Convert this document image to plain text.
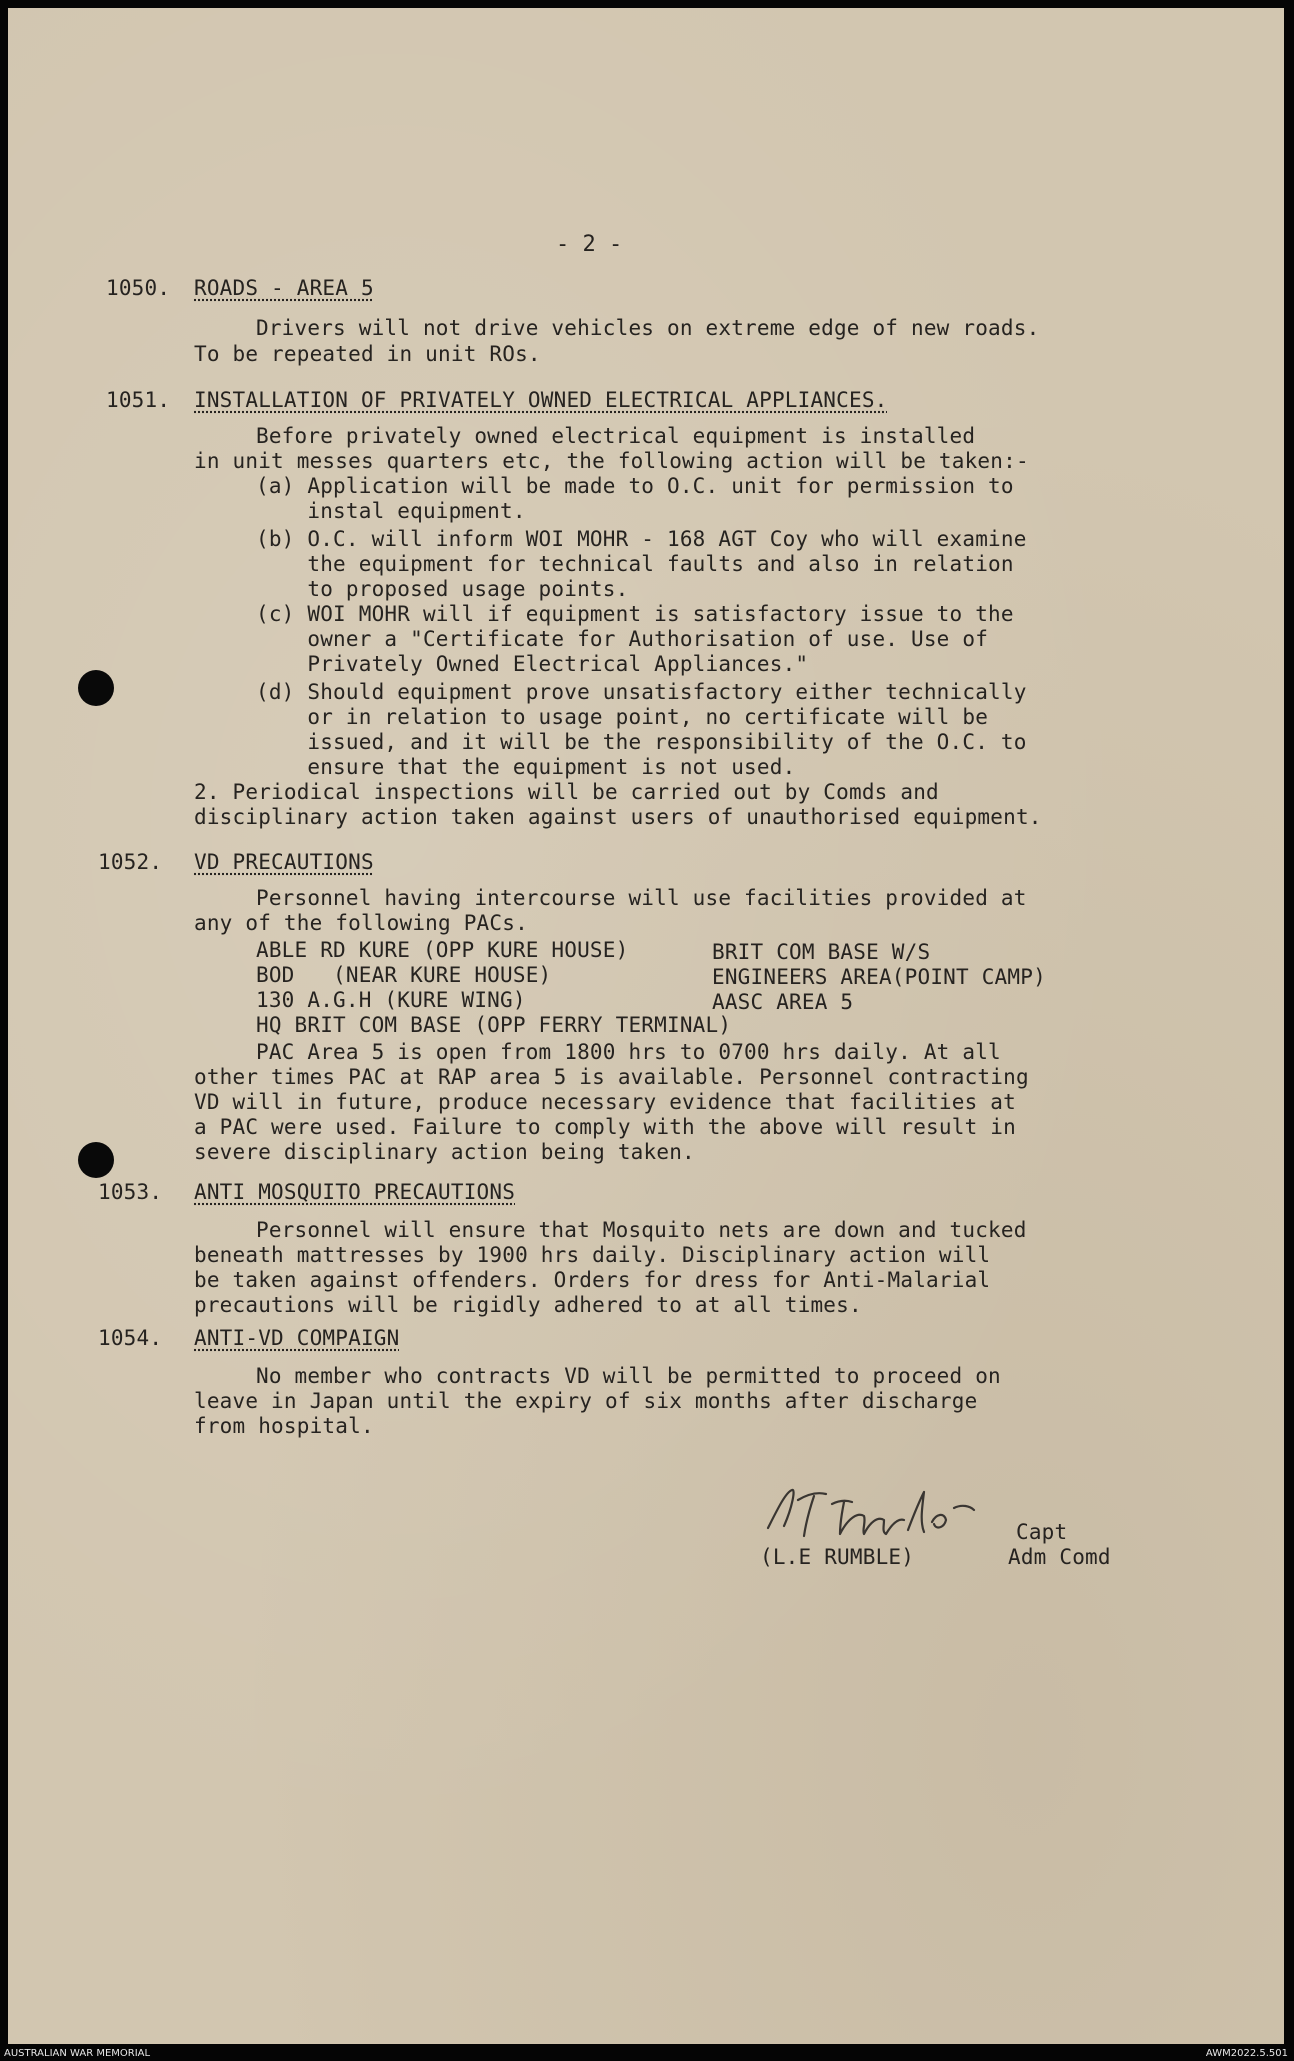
- 2 -
1050. ROADS - AREA 5
Drivers will not drive vehicles on extreme edge of new roads.
To be repeated in unit ROs.
1051. INSTALLATION OF PRIVATELY OWNED ELECTRICAL APPLIANCES.
Before privately owned electrical equipment is installed
in unit messes quarters etc, the following action will be taken:-
(a) Application will be made to O.C. unit for permission to
instal equipment.
(b) O.C. will inform WOI MOHR - 168 AGT Coy who will examine
the equipment for technical faults and also in relation
to proposed usage points.
(c) WOI MOHR will if equipment is satisfactory issue to the
owner a "Certificate for Authorisation of use. Use of
Privately Owned Electrical Appliances."
(d) Should equipment prove unsatisfactory either technically
or in relation to usage point, no certificate will be
issued, and it will be the responsibility of the O.C. to
ensure that the equipment is not used.
2. Periodical inspections will be carried out by Comds and
disciplinary action taken against users of unauthorised equipment.
1052. VD PRECAUTIONS
Personnel having intercourse will use facilities provided at
any of the following PACs.
ABLE RD KURE (OPP KURE HOUSE)
BOD   (NEAR KURE HOUSE)
130 A.G.H (KURE WING)
HQ BRIT COM BASE (OPP FERRY TERMINAL)
BRIT COM BASE W/S
ENGINEERS AREA(POINT CAMP)
AASC AREA 5
PAC Area 5 is open from 1800 hrs to 0700 hrs daily. At all
other times PAC at RAP area 5 is available. Personnel contracting
VD will in future, produce necessary evidence that facilities at
a PAC were used. Failure to comply with the above will result in
severe disciplinary action being taken.
1053. ANTI MOSQUITO PRECAUTIONS
Personnel will ensure that Mosquito nets are down and tucked
beneath mattresses by 1900 hrs daily. Disciplinary action will
be taken against offenders. Orders for dress for Anti-Malarial
precautions will be rigidly adhered to at all times.
1054. ANTI-VD COMPAIGN
No member who contracts VD will be permitted to proceed on
leave in Japan until the expiry of six months after discharge
from hospital.
Capt
(L.E RUMBLE)	Adm Comd
AUSTRALIAN WAR MEMORIAL	AWM2022.5.501
